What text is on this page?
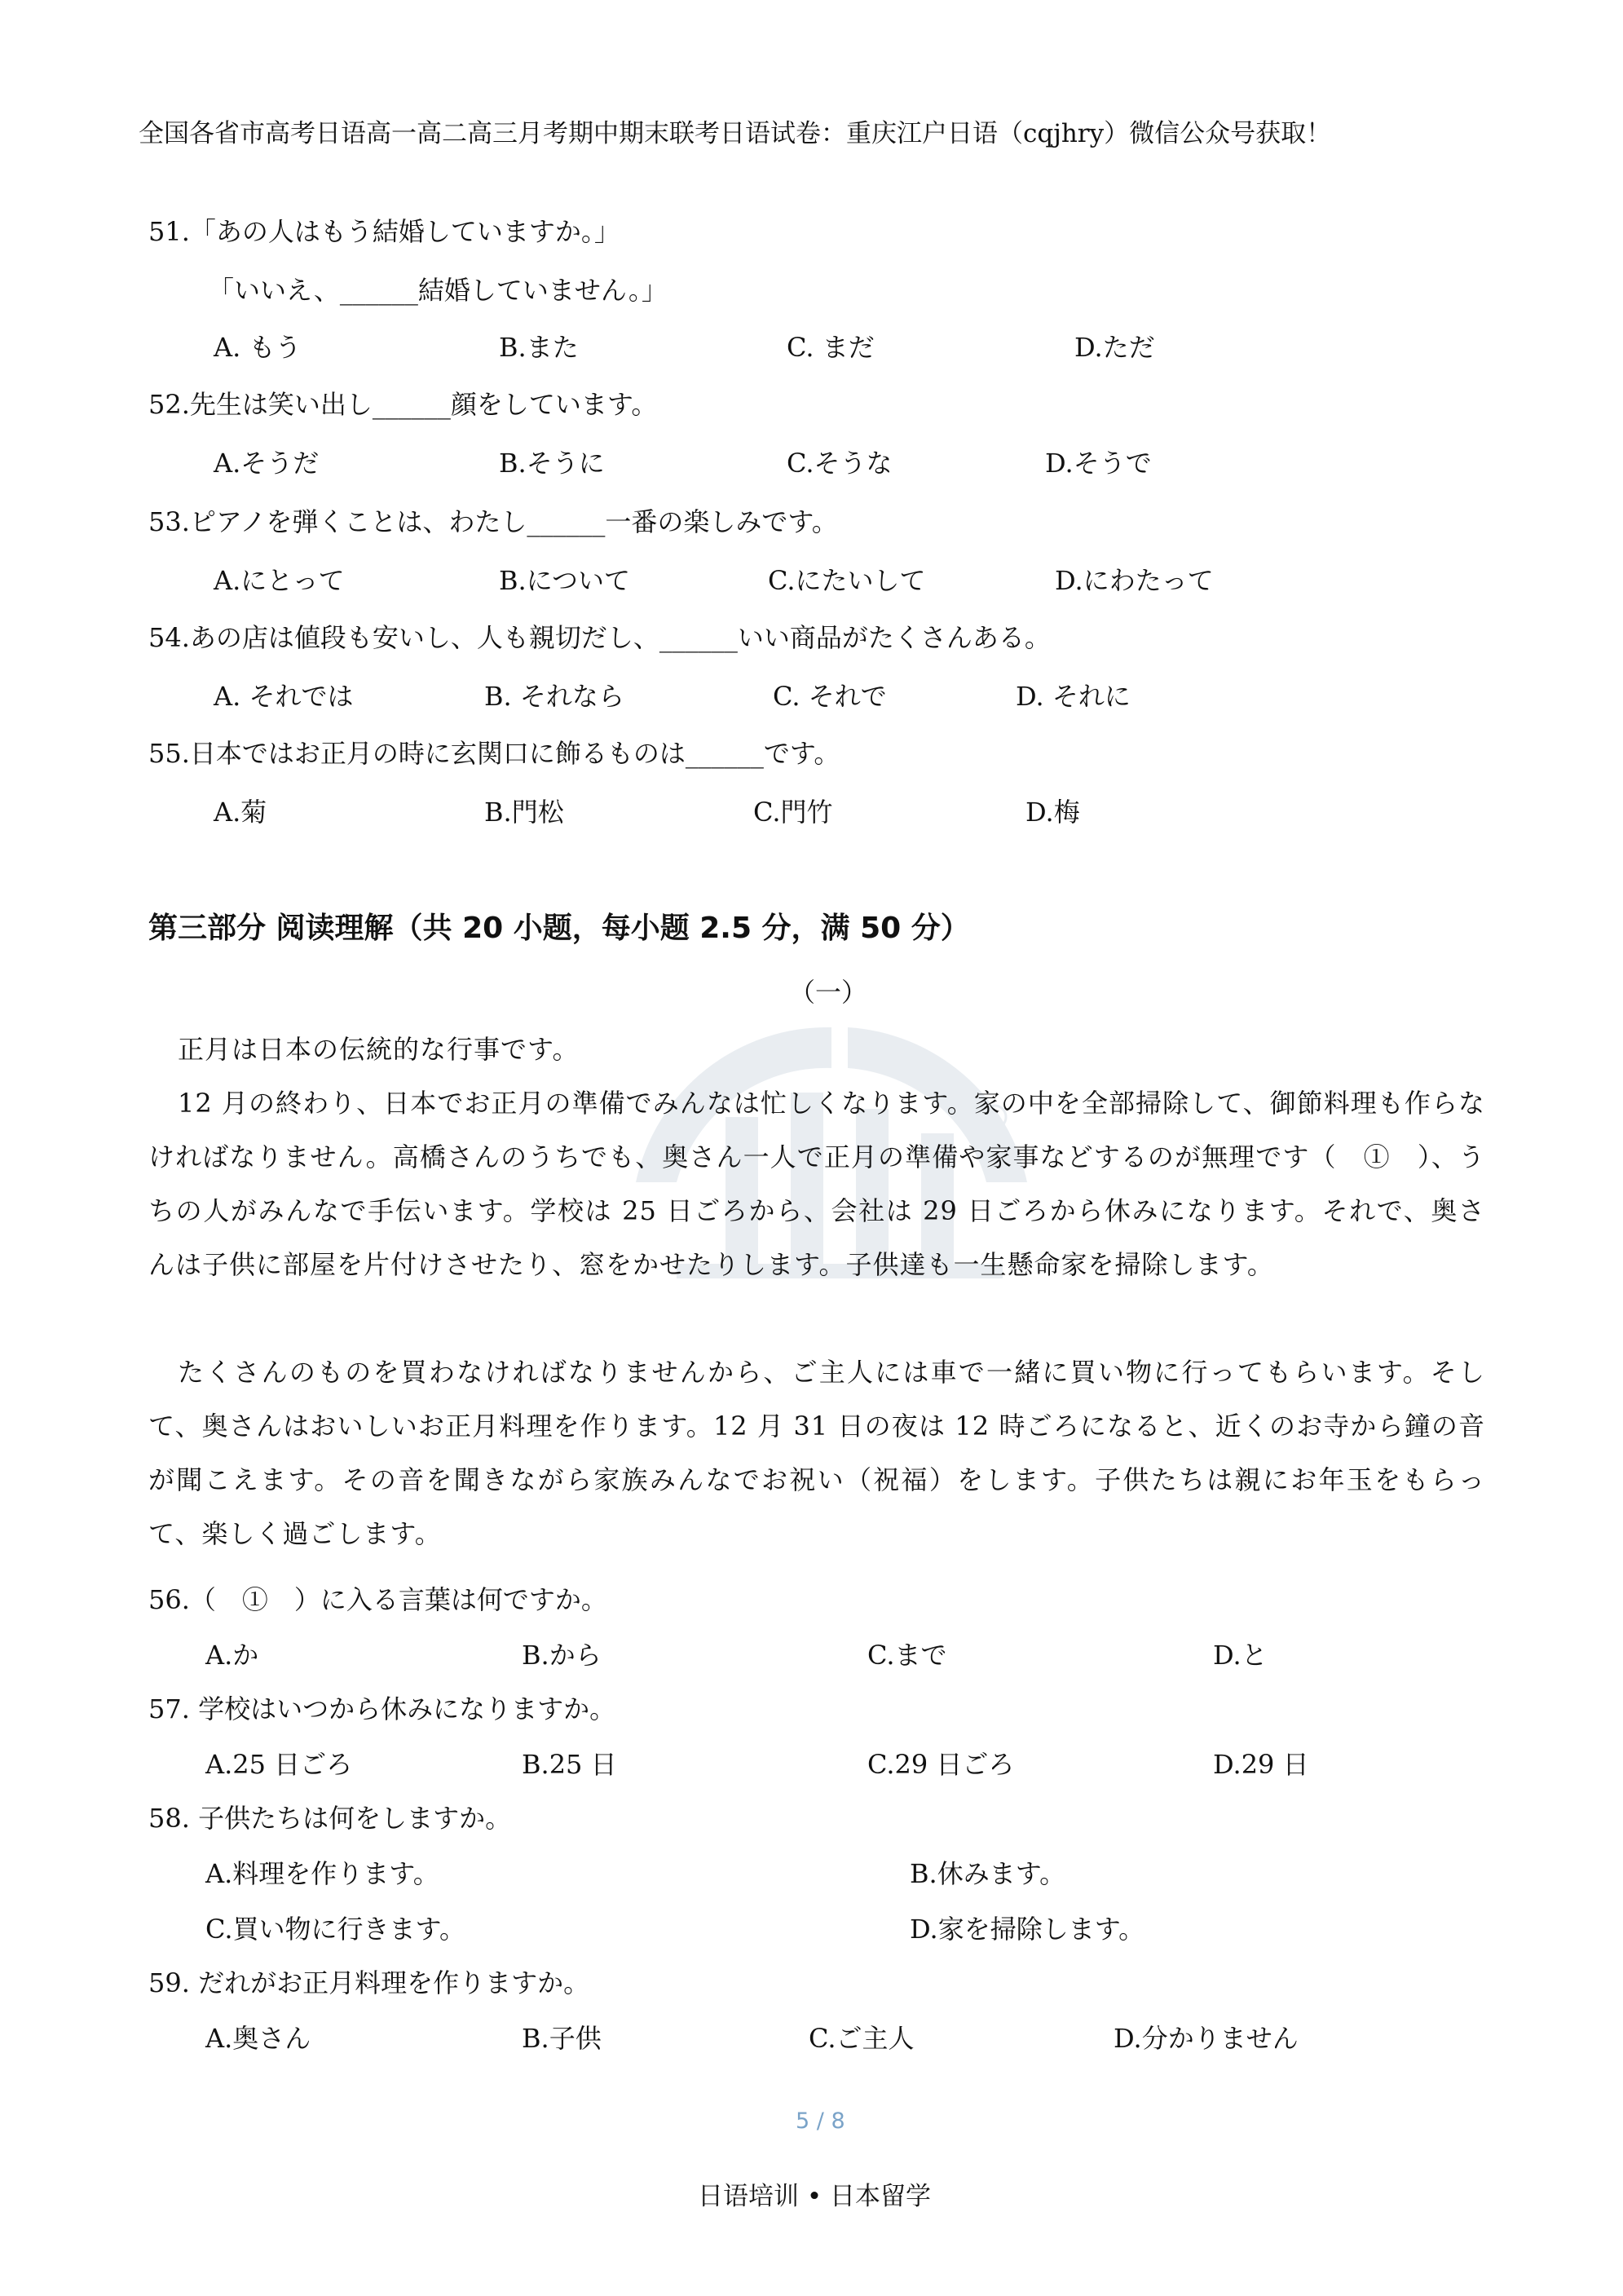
全国各省市高考日语高一高二高三月考期中期末联考日语试卷：重庆江户日语（cqjhry）微信公众号获取！
51.「あの人はもう結婚していますか。」
「いいえ、______結婚していません。」
A. もう	B.また	C. まだ	D.ただ
52.先生は笑い出し______顔をしています。
A.そうだ	B.そうに	C.そうな	D.そうで
53.ピアノを弾くことは、わたし______一番の楽しみです。
A.にとって	B.について	C.にたいして	D.にわたって
54.あの店は値段も安いし、人も親切だし、______いい商品がたくさんある。
A. それでは	B. それなら	C. それで	D. それに
55.日本ではお正月の時に玄関口に飾るものは______です。
A.菊	B.門松	C.門竹	D.梅
第三部分 阅读理解（共 20 小题，每小题 2.5 分，满 50 分）
（一）
正月は日本の伝統的な行事です。
12 月の終わり、日本でお正月の準備でみんなは忙しくなります。家の中を全部掃除して、御節料理も作らなければなりません。高橋さんのうちでも、奥さん一人で正月の準備や家事などするのが無理です（　①　）、うちの人がみんなで手伝います。学校は 25 日ごろから、会社は 29 日ごろから休みになります。それで、奥さんは子供に部屋を片付けさせたり、窓をかせたりします。子供達も一生懸命家を掃除します。
たくさんのものを買わなければなりませんから、ご主人には車で一緒に買い物に行ってもらいます。そして、奥さんはおいしいお正月料理を作ります。12 月 31 日の夜は 12 時ごろになると、近くのお寺から鐘の音が聞こえます。その音を聞きながら家族みんなでお祝い（祝福）をします。子供たちは親にお年玉をもらって、楽しく過ごします。
56.（　①　）に入る言葉は何ですか。
A.か	B.から	C.まで	D.と
57. 学校はいつから休みになりますか。
A.25 日ごろ	B.25 日	C.29 日ごろ	D.29 日
58. 子供たちは何をしますか。
A.料理を作ります。	B.休みます。
C.買い物に行きます。	D.家を掃除します。
59. だれがお正月料理を作りますか。
A.奥さん	B.子供	C.ご主人	D.分かりません
5 / 8
日语培训 • 日本留学
